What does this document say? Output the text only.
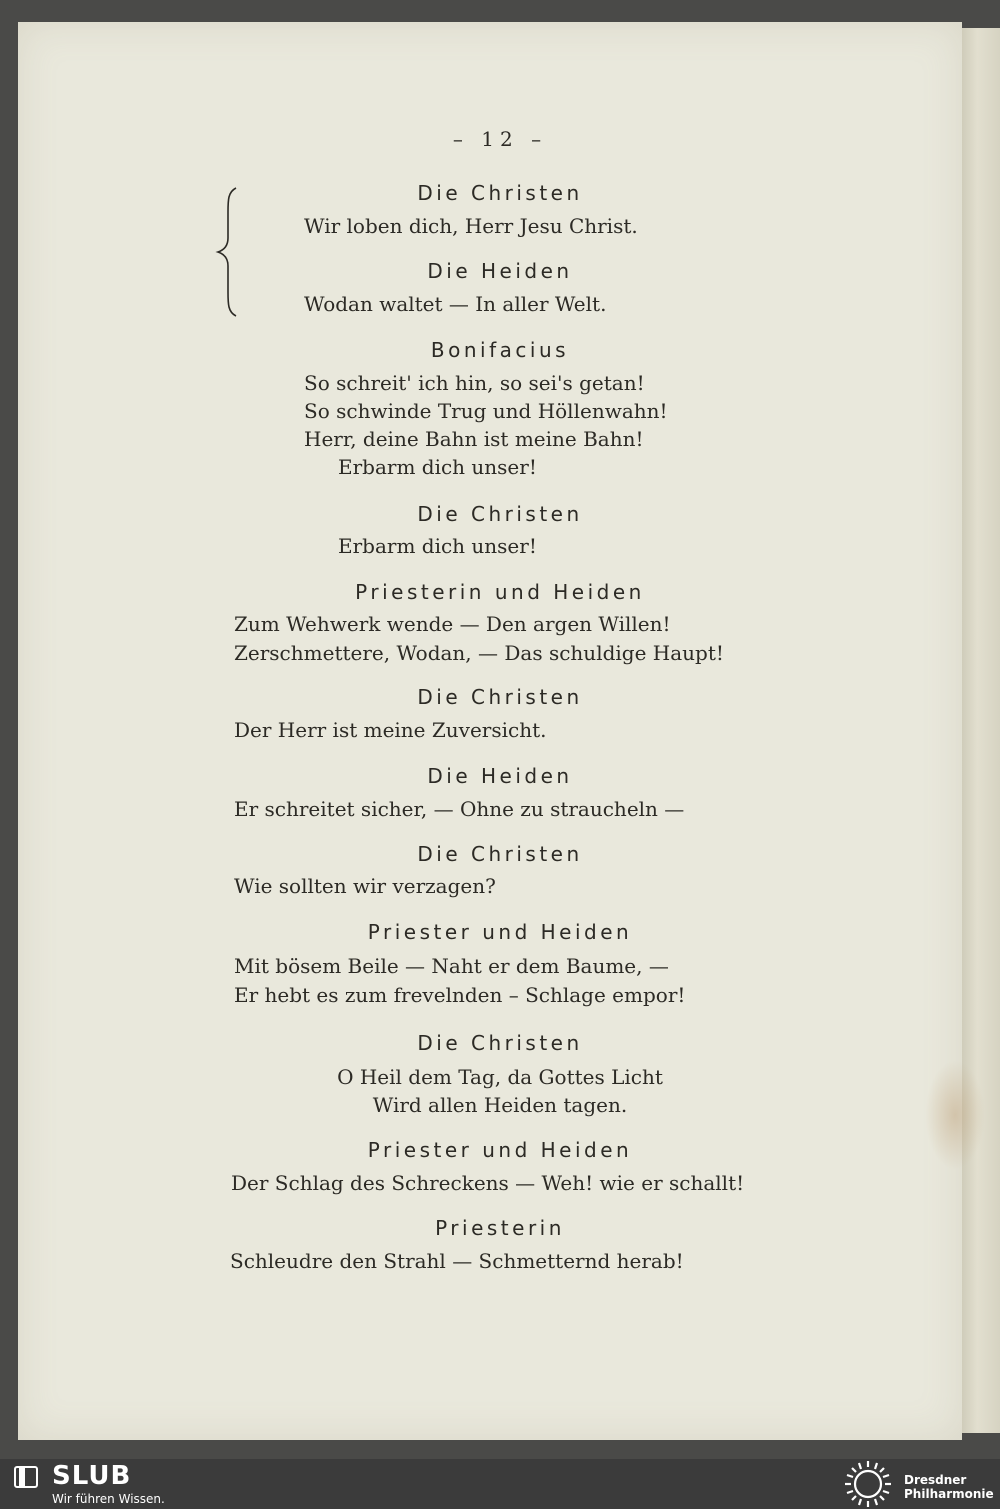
– 12 –
Die Christen
Wir loben dich, Herr Jesu Christ.
Die Heiden
Wodan waltet — In aller Welt.
Bonifacius
So schreit' ich hin, so sei's getan!
So schwinde Trug und Höllenwahn!
Herr, deine Bahn ist meine Bahn!
Erbarm dich unser!
Die Christen
Erbarm dich unser!
Priesterin und Heiden
Zum Wehwerk wende — Den argen Willen!
Zerschmettere, Wodan, — Das schuldige Haupt!
Die Christen
Der Herr ist meine Zuversicht.
Die Heiden
Er schreitet sicher, — Ohne zu straucheln —
Die Christen
Wie sollten wir verzagen?
Priester und Heiden
Mit bösem Beile — Naht er dem Baume, —
Er hebt es zum frevelnden – Schlage empor!
Die Christen
O Heil dem Tag, da Gottes Licht
Wird allen Heiden tagen.
Priester und Heiden
Der Schlag des Schreckens — Weh! wie er schallt!
Priesterin
Schleudre den Strahl — Schmetternd herab!
SLUB
Wir führen Wissen.
Dresdner
Philharmonie
